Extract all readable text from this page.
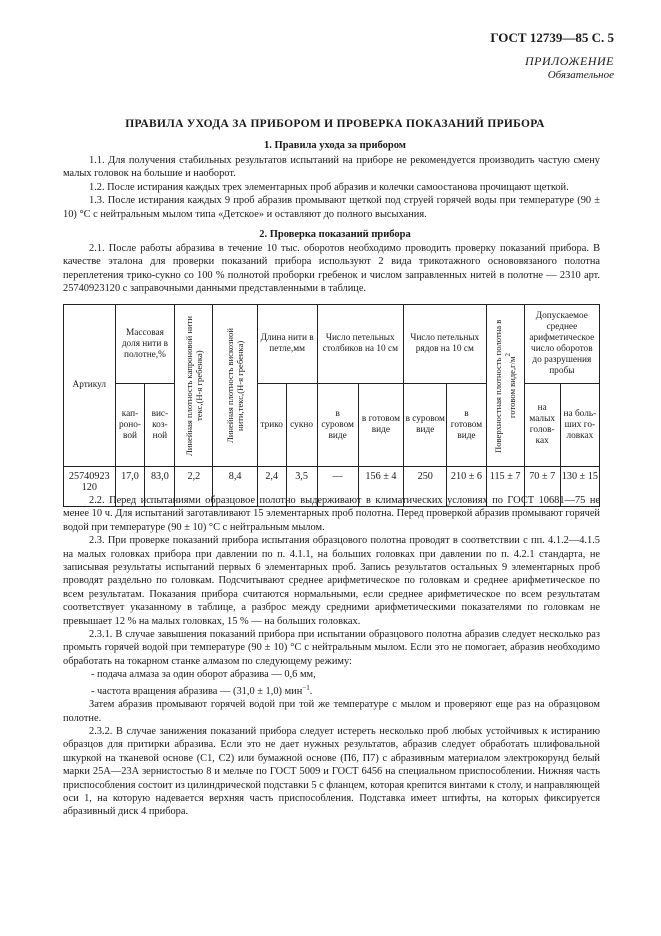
ГОСТ 12739—85 С. 5
ПРИЛОЖЕНИЕ
Обязательное
ПРАВИЛА УХОДА ЗА ПРИБОРОМ И ПРОВЕРКА ПОКАЗАНИЙ ПРИБОРА
1. Правила ухода за прибором

1.1. Для получения стабильных результатов испытаний на приборе не рекомендуется производить частую смену малых головок на большие и наоборот.

1.2. После истирания каждых трех элементарных проб абразив и колечки самоостанова прочищают щеткой.

1.3. После истирания каждых 9 проб абразив промывают щеткой под струей горячей воды при температуре (90 ± 10) °С с нейтральным мылом типа «Детское» и оставляют до полного высыхания.

2. Проверка показаний прибора

2.1. После работы абразива в течение 10 тыс. оборотов необходимо проводить проверку показаний прибора. В качестве эталона для проверки показаний прибора используют 2 вида трикотажного основовязаного полотна переплетения трико-сукно со 100 % полнотой проборки гребенок и числом заправленных нитей в полотне — 2310 арт. 25740923120 с заправочными данными представленными в таблице.

Артикул	Массовая доля нити в полотне,%		Линейная плотность капроновой нити текс,(Н-я гребенка)	Линейная плотность вискозной нити,текс,(Н-я гребенка)	Длина нити в петле,мм		Число петельных столбиков на 10 см		Число петельных рядов на 10 см		Поверхностная плотность полотна в готовом $виде,г/м^2$	Допускаемое среднее арифметическое число оборотов до разрушения пробы	
	кап-роно-вой	вис-коз-ной			трико	сукно	в суровом виде	в готовом виде	в суровом виде	в готовом виде		на малых голов-ках	на боль-ших го-ловках
25740923 120	17,0	83,0	2,2	8,4	2,4	3,5	—	156 ± 4	250	210 ± 6	115 ± 7	70 ± 7	130 ± 15

2.2. Перед испытаниями образцовое полотно выдерживают в климатических условиях по ГОСТ 10681—75 не менее 10 ч. Для испытаний заготавливают 15 элементарных проб полотна. Перед проверкой абразив промывают горячей водой при температуре (90 ± 10) °С с нейтральным мылом.

2.3. При проверке показаний прибора испытания образцового полотна проводят в соответствии с пп. 4.1.2—4.1.5 на малых головках прибора при давлении по п. 4.1.1, на больших головках при давлении по п. 4.2.1 стандарта, не записывая результаты испытаний первых 6 элементарных проб. Запись результатов остальных 9 элементарных проб проводят раздельно по головкам. Подсчитывают среднее арифметическое по головкам и среднее арифметическое по всем результатам. Показания прибора считаются нормальными, если среднее арифметическое по всем результатам соответствует указанному в таблице, а разброс между средними арифметическими показателями по головкам не превышает 12 % на малых головках, 15 % — на больших головках.

2.3.1. В случае завышения показаний прибора при испытании образцового полотна абразив следует несколько раз промыть горячей водой при температуре (90 ± 10) °С с нейтральным мылом. Если это не помогает, абразив необходимо обработать на токарном станке алмазом по следующему режиму:

- подача алмаза за один оборот абразива — 0,6 мм,

- частота вращения абразива — (31,0 ± 1,0) мин$^{-1}$.

Затем абразив промывают горячей водой при той же температуре с мылом и проверяют еще раз на образцовом полотне.

2.3.2. В случае занижения показаний прибора следует истереть несколько проб любых устойчивых к истиранию образцов для притирки абразива. Если это не дает нужных результатов, абразив следует обработать шлифовальной шкуркой на тканевой основе (С1, С2) или бумажной основе (П6, П7) с абразивным материалом электрокорунд белый марки 25А—23А зернистостью 8 и мельче по ГОСТ 5009 и ГОСТ 6456 на специальном приспособлении. Нижняя часть приспособления состоит из цилиндрической подставки 5 с фланцем, которая крепится винтами к столу, и направляющей оси 1, на которую надевается верхняя часть приспособления. Подставка имеет штифты, на которых фиксируется абразивный диск 4 прибора.
